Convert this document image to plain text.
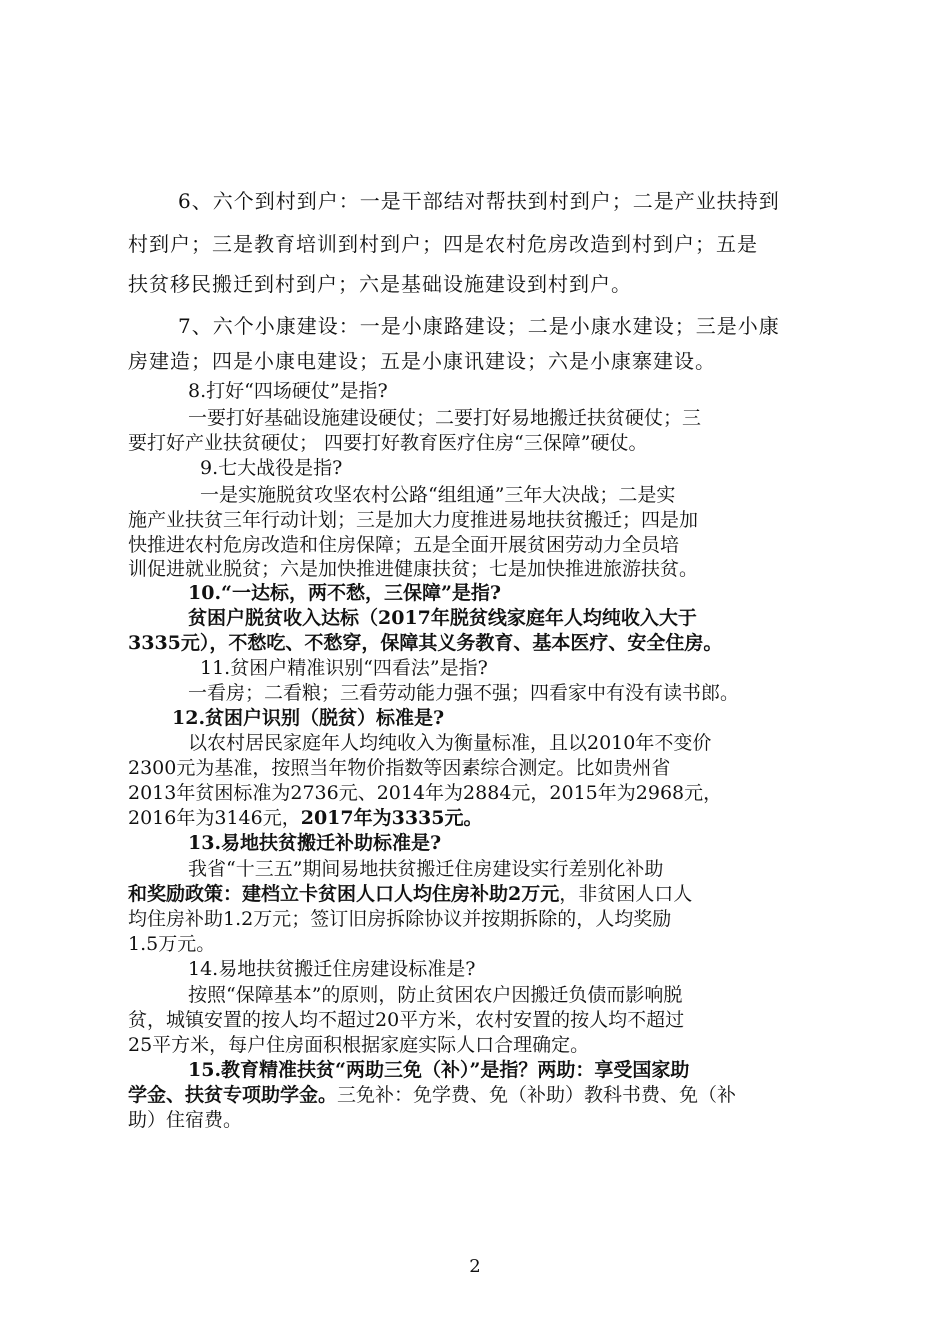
6、六个到村到户：一是干部结对帮扶到村到户；二是产业扶持到
村到户；三是教育培训到村到户；四是农村危房改造到村到户；五是
扶贫移民搬迁到村到户；六是基础设施建设到村到户。
7、六个小康建设：一是小康路建设；二是小康水建设；三是小康
房建造；四是小康电建设；五是小康讯建设；六是小康寨建设。
8.打好“四场硬仗”是指?
一要打好基础设施建设硬仗；二要打好易地搬迁扶贫硬仗；三
要打好产业扶贫硬仗； 四要打好教育医疗住房“三保障”硬仗。
9.七大战役是指?
一是实施脱贫攻坚农村公路“组组通”三年大决战；二是实
施产业扶贫三年行动计划；三是加大力度推进易地扶贫搬迁；四是加
快推进农村危房改造和住房保障；五是全面开展贫困劳动力全员培
训促进就业脱贫；六是加快推进健康扶贫；七是加快推进旅游扶贫。
10.“一达标，两不愁，三保障”是指?
贫困户脱贫收入达标（2017年脱贫线家庭年人均纯收入大于
3335元），不愁吃、不愁穿，保障其义务教育、基本医疗、安全住房。
11.贫困户精准识别“四看法”是指?
一看房；二看粮；三看劳动能力强不强；四看家中有没有读书郎。
12.贫困户识别（脱贫）标准是?
以农村居民家庭年人均纯收入为衡量标准，且以2010年不变价
2300元为基准，按照当年物价指数等因素综合测定。比如贵州省
2013年贫困标准为2736元、2014年为2884元，2015年为2968元，
2016年为3146元，2017年为3335元。
13.易地扶贫搬迁补助标准是?
我省“十三五”期间易地扶贫搬迁住房建设实行差别化补助
和奖励政策：建档立卡贫困人口人均住房补助2万元，非贫困人口人
均住房补助1.2万元；签订旧房拆除协议并按期拆除的，人均奖励
1.5万元。
14.易地扶贫搬迁住房建设标准是?
按照“保障基本”的原则，防止贫困农户因搬迁负债而影响脱
贫，城镇安置的按人均不超过20平方米，农村安置的按人均不超过
25平方米，每户住房面积根据家庭实际人口合理确定。
15.教育精准扶贫“两助三免（补）”是指？两助：享受国家助
学金、扶贫专项助学金。三免补：免学费、免（补助）教科书费、免（补
助）住宿费。
2
